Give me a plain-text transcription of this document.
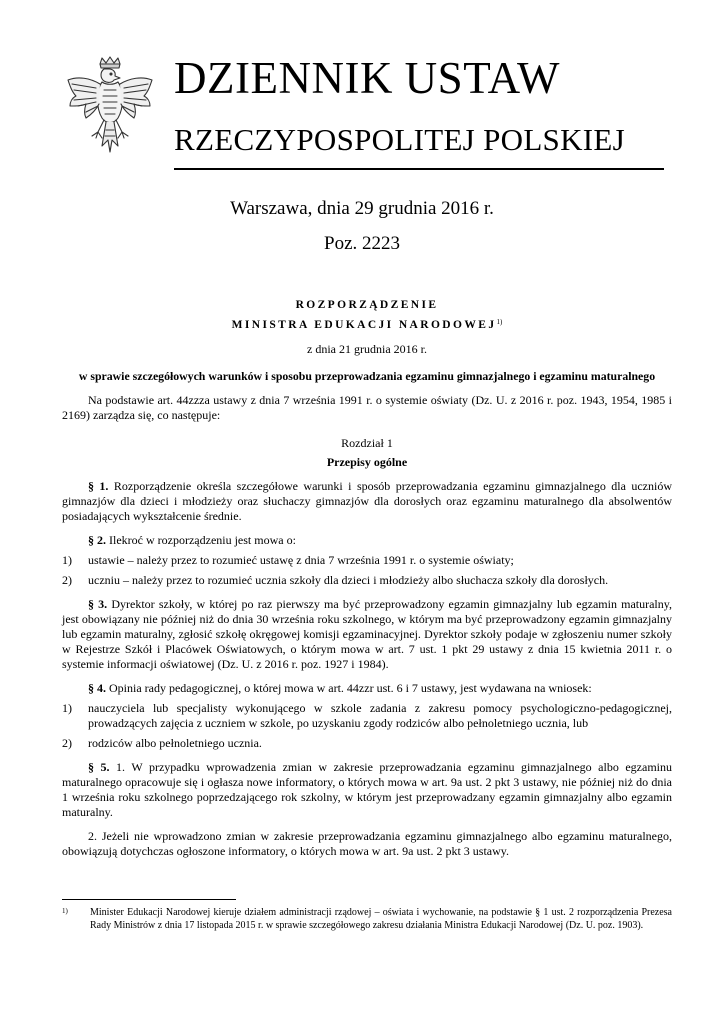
DZIENNIK USTAW
RZECZYPOSPOLITEJ POLSKIEJ
Warszawa, dnia 29 grudnia 2016 r.
Poz. 2223

ROZPORZĄDZENIE

MINISTRA EDUKACJI NARODOWEJ$^{1)}$

z dnia 21 grudnia 2016 r.

w sprawie szczegółowych warunków i sposobu przeprowadzania egzaminu gimnazjalnego i egzaminu maturalnego

Na podstawie art. 44zzza ustawy z dnia 7 września 1991 r. o systemie oświaty (Dz. U. z 2016 r. poz. 1943, 1954, 1985 i 2169) zarządza się, co następuje:

Rozdział 1

Przepisy ogólne

§ 1. Rozporządzenie określa szczegółowe warunki i sposób przeprowadzania egzaminu gimnazjalnego dla uczniów gimnazjów dla dzieci i młodzieży oraz słuchaczy gimnazjów dla dorosłych oraz egzaminu maturalnego dla absolwentów posiadających wykształcenie średnie.

§ 2. Ilekroć w rozporządzeniu jest mowa o:

1)	ustawie – należy przez to rozumieć ustawę z dnia 7 września 1991 r. o systemie oświaty;
2)	uczniu – należy przez to rozumieć ucznia szkoły dla dzieci i młodzieży albo słuchacza szkoły dla dorosłych.

§ 3. Dyrektor szkoły, w której po raz pierwszy ma być przeprowadzony egzamin gimnazjalny lub egzamin maturalny, jest obowiązany nie później niż do dnia 30 września roku szkolnego, w którym ma być przeprowadzony egzamin gimnazjalny lub egzamin maturalny, zgłosić szkołę okręgowej komisji egzaminacyjnej. Dyrektor szkoły podaje w zgłoszeniu numer szkoły w Rejestrze Szkół i Placówek Oświatowych, o którym mowa w art. 7 ust. 1 pkt 29 ustawy z dnia 15 kwietnia 2011 r. o systemie informacji oświatowej (Dz. U. z 2016 r. poz. 1927 i 1984).

§ 4. Opinia rady pedagogicznej, o której mowa w art. 44zzr ust. 6 i 7 ustawy, jest wydawana na wniosek:

1)	nauczyciela lub specjalisty wykonującego w szkole zadania z zakresu pomocy psychologiczno-pedagogicznej, prowadzących zajęcia z uczniem w szkole, po uzyskaniu zgody rodziców albo pełnoletniego ucznia, lub
2)	rodziców albo pełnoletniego ucznia.

§ 5. 1. W przypadku wprowadzenia zmian w zakresie przeprowadzania egzaminu gimnazjalnego albo egzaminu maturalnego opracowuje się i ogłasza nowe informatory, o których mowa w art. 9a ust. 2 pkt 3 ustawy, nie później niż do dnia 1 września roku szkolnego poprzedzającego rok szkolny, w którym jest przeprowadzany egzamin gimnazjalny albo egzamin maturalny.

2. Jeżeli nie wprowadzono zmian w zakresie przeprowadzania egzaminu gimnazjalnego albo egzaminu maturalnego, obowiązują dotychczas ogłoszone informatory, o których mowa w art. 9a ust. 2 pkt 3 ustawy.

1)	Minister Edukacji Narodowej kieruje działem administracji rządowej – oświata i wychowanie, na podstawie § 1 ust. 2 rozporządzenia Prezesa Rady Ministrów z dnia 17 listopada 2015 r. w sprawie szczegółowego zakresu działania Ministra Edukacji Narodowej (Dz. U. poz. 1903).
